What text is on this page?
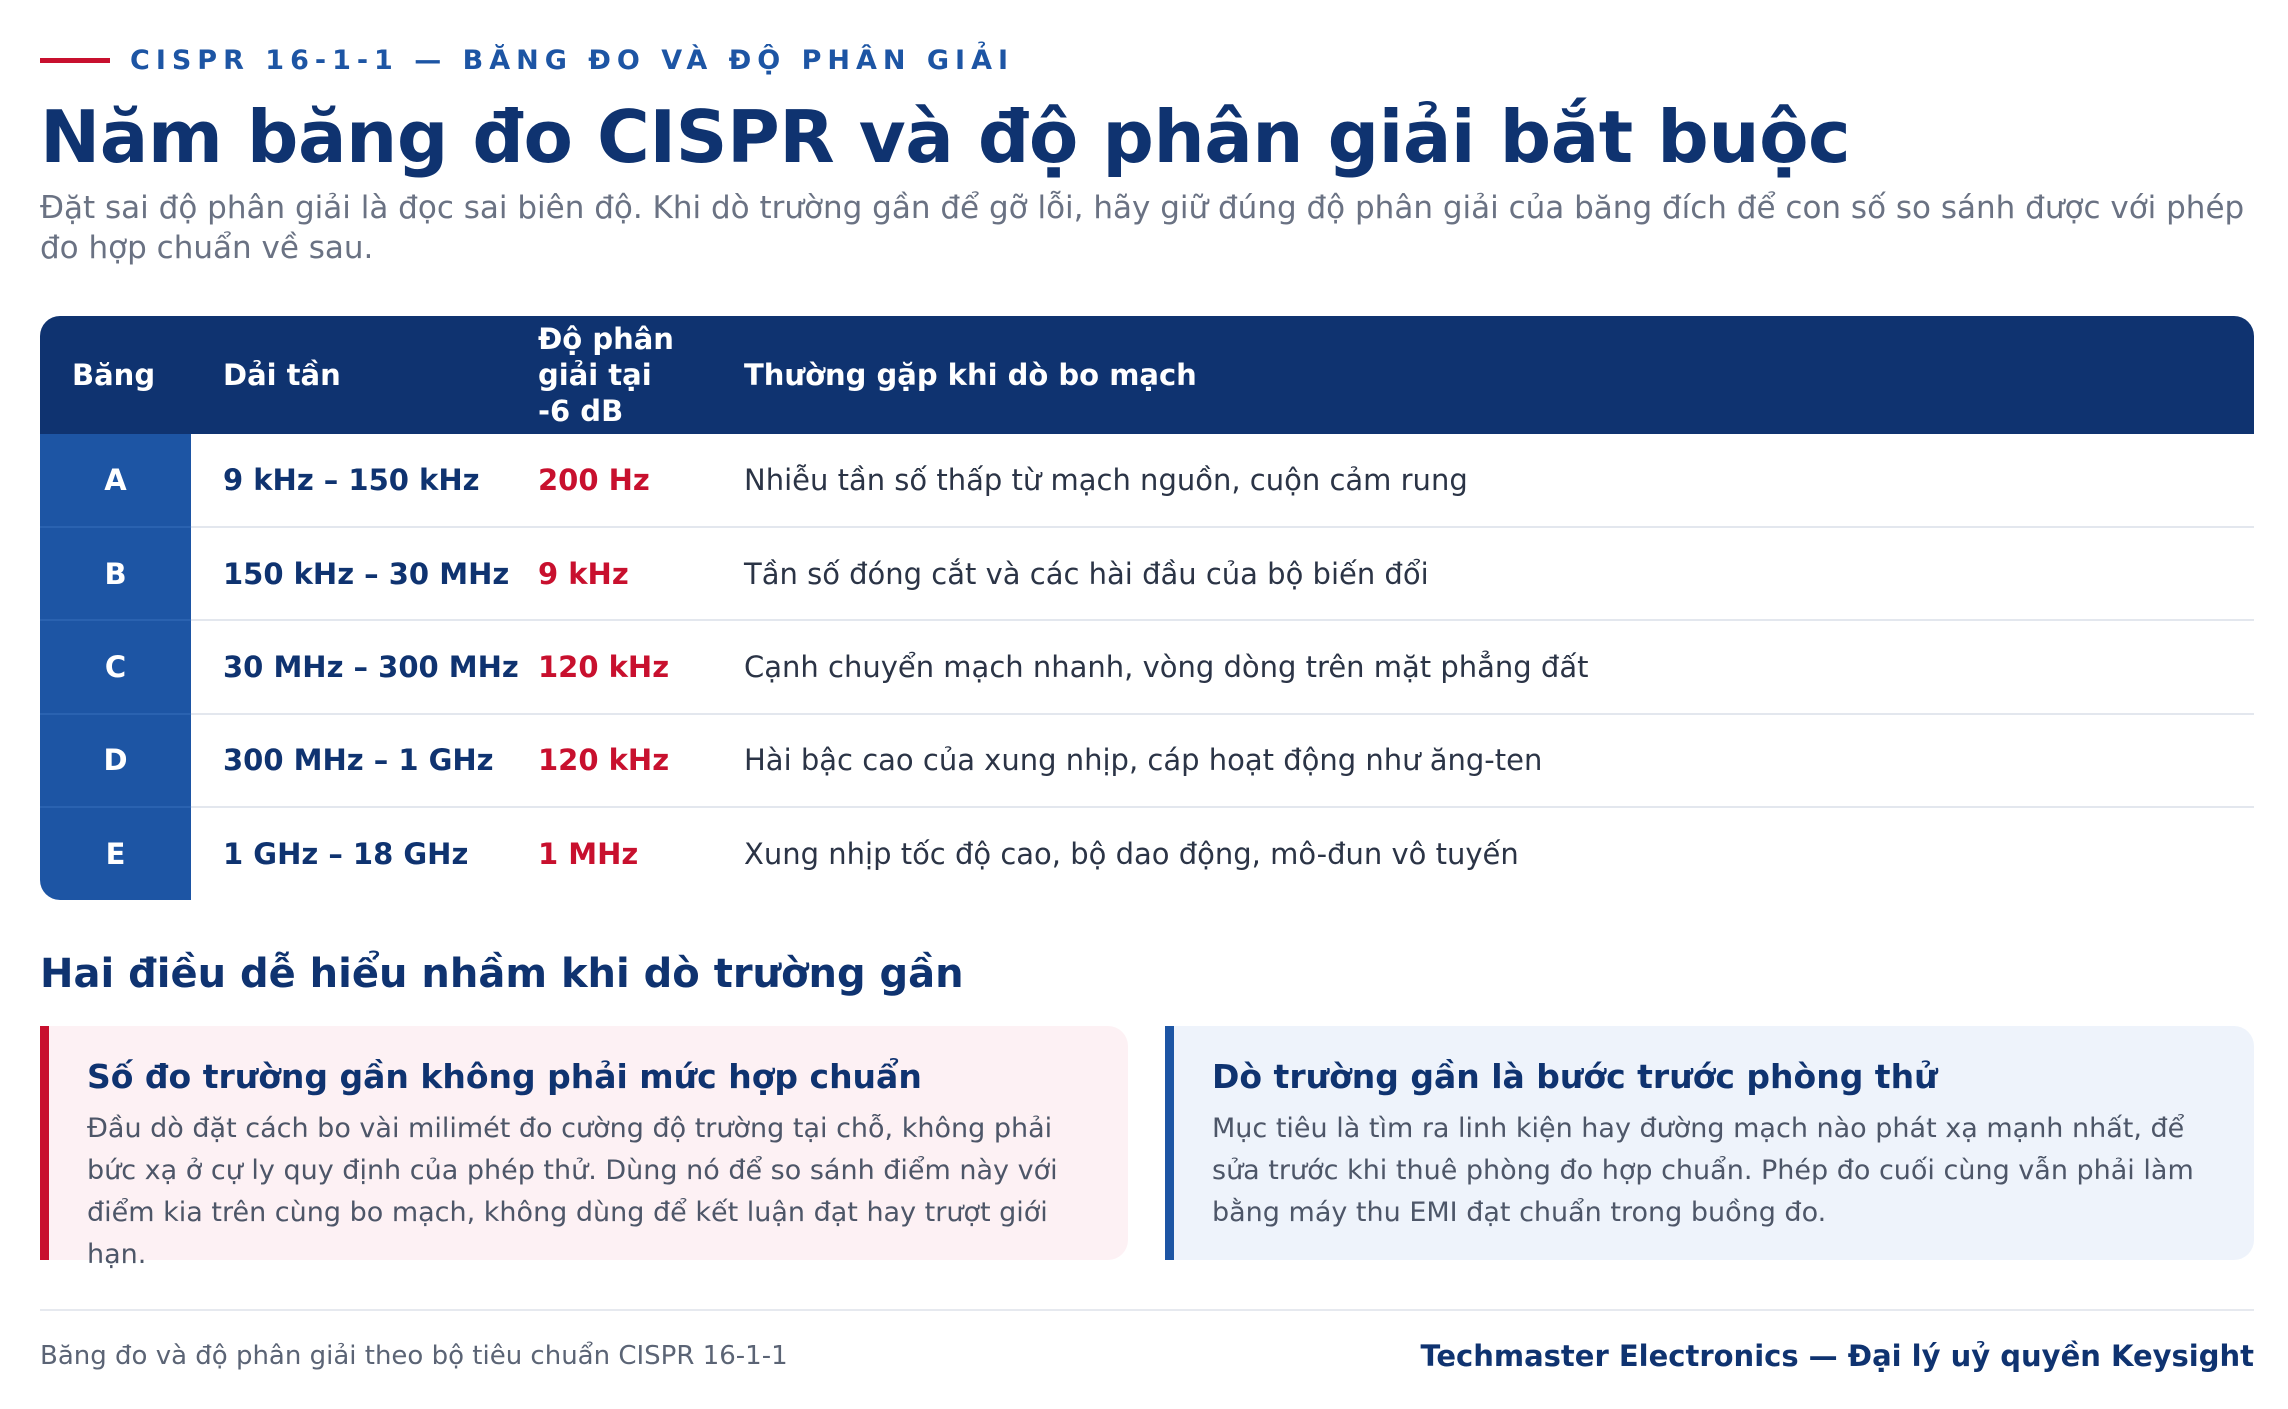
CISPR 16-1-1 — BĂNG ĐO VÀ ĐỘ PHÂN GIẢI
Năm băng đo CISPR và độ phân giải bắt buộc

Đặt sai độ phân giải là đọc sai biên độ. Khi dò trường gần để gỡ lỗi, hãy giữ đúng độ phân giải của băng đích để con số so sánh được với phép đo hợp chuẩn về sau.

Băng	Dải tần	Độ phân giải tại -6 dB	Thường gặp khi dò bo mạch
A	9 kHz – 150 kHz	200 Hz	Nhiễu tần số thấp từ mạch nguồn, cuộn cảm rung
B	150 kHz – 30 MHz	9 kHz	Tần số đóng cắt và các hài đầu của bộ biến đổi
C	30 MHz – 300 MHz	120 kHz	Cạnh chuyển mạch nhanh, vòng dòng trên mặt phẳng đất
D	300 MHz – 1 GHz	120 kHz	Hài bậc cao của xung nhịp, cáp hoạt động như ăng-ten
E	1 GHz – 18 GHz	1 MHz	Xung nhịp tốc độ cao, bộ dao động, mô-đun vô tuyến
Hai điều dễ hiểu nhầm khi dò trường gần
Số đo trường gần không phải mức hợp chuẩn

Đầu dò đặt cách bo vài milimét đo cường độ trường tại chỗ, không phải bức xạ ở cự ly quy định của phép thử. Dùng nó để so sánh điểm này với điểm kia trên cùng bo mạch, không dùng để kết luận đạt hay trượt giới hạn.

Dò trường gần là bước trước phòng thử

Mục tiêu là tìm ra linh kiện hay đường mạch nào phát xạ mạnh nhất, để sửa trước khi thuê phòng đo hợp chuẩn. Phép đo cuối cùng vẫn phải làm bằng máy thu EMI đạt chuẩn trong buồng đo.

Băng đo và độ phân giải theo bộ tiêu chuẩn CISPR 16-1-1	Techmaster Electronics — Đại lý uỷ quyền Keysight
